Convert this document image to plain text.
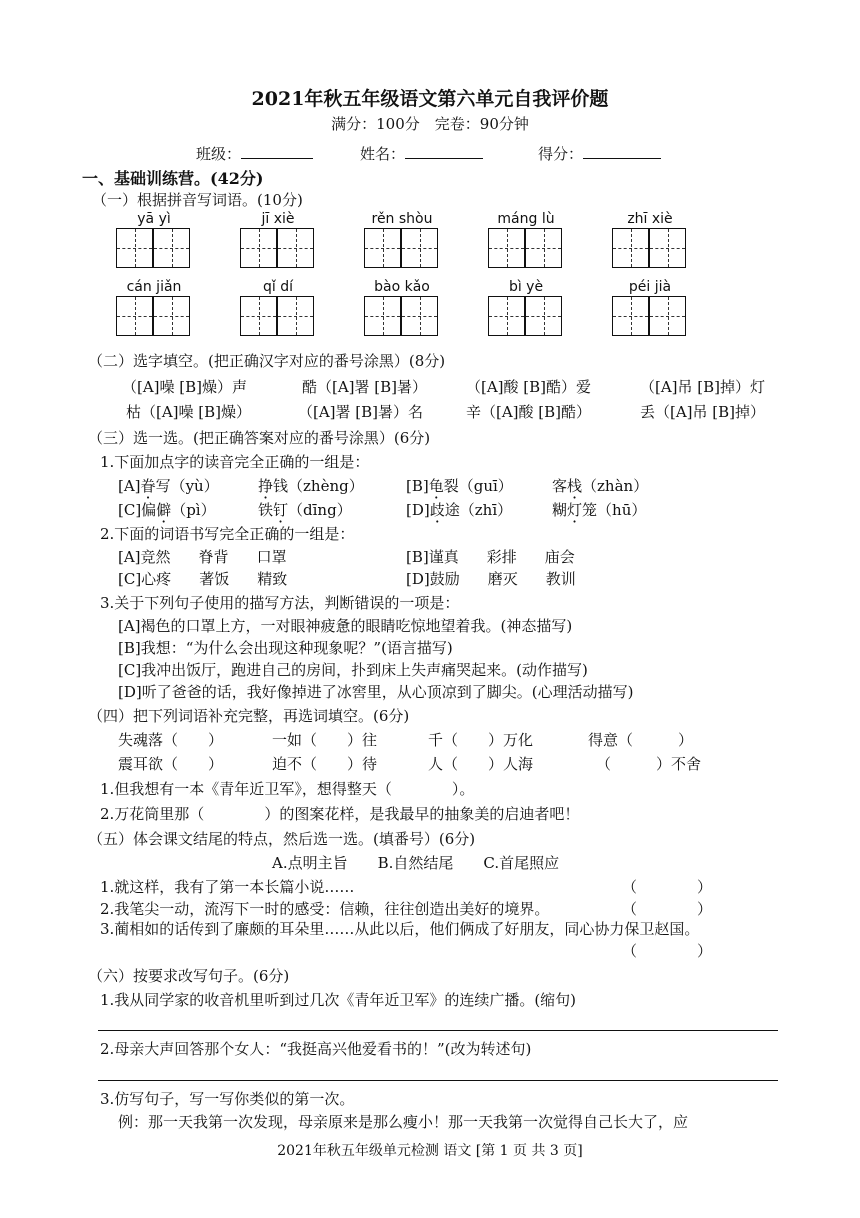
2021年秋五年级语文第六单元自我评价题
满分：100分　完卷：90分钟
班级：	姓名：	得分：
一、基础训练营。(42分)
（一）根据拼音写词语。(10分)
yā yì	jī xiè	rěn shòu	máng lù	zhī xiè
cán jiǎn	qǐ dí	bào kǎo	bì yè	péi jià
（二）选字填空。(把正确汉字对应的番号涂黑）(8分)
（[A]噪 [B]燥）声	酷（[A]署 [B]暑）	（[A]酸 [B]酷）爱	（[A]吊 [B]掉）灯
枯（[A]噪 [B]燥）	（[A]署 [B]暑）名	辛（[A]酸 [B]酷）	丢（[A]吊 [B]掉）
（三）选一选。(把正确答案对应的番号涂黑）(6分)
1.下面加点字的读音完全正确的一组是：
[A]眷写（yù）	挣钱（zhèng）	[B]龟裂（guī）	客栈（zhàn）
[C]偏僻（pì）	铁钉（dīng）	[D]歧途（zhī）	糊灯笼（hū）
2.下面的词语书写完全正确的一组是：
[A]竞然 脊背 口罩	[B]谨真 彩排 庙会
[C]心疼 著饭 精致	[D]鼓励 磨灭 教训
3.关于下列句子使用的描写方法，判断错误的一项是：
[A]褐色的口罩上方，一对眼神疲惫的眼睛吃惊地望着我。(神态描写)
[B]我想：“为什么会出现这种现象呢？”(语言描写)
[C]我冲出饭厅，跑进自己的房间，扑到床上失声痛哭起来。(动作描写)
[D]听了爸爸的话，我好像掉进了冰窖里，从心顶凉到了脚尖。(心理活动描写)
（四）把下列词语补充完整，再选词填空。(6分)
失魂落（　　）	一如（　　）往	千（　　）万化	得意（　　　）
震耳欲（　　）	迫不（　　）待	人（　　）人海	（　　　）不舍
1.但我想有一本《青年近卫军》，想得整天（　　　　）。
2.万花筒里那（　　　　）的图案花样，是我最早的抽象美的启迪者吧！
（五）体会课文结尾的特点，然后选一选。(填番号）(6分)
A.点明主旨　　B.自然结尾　　C.首尾照应
1.就这样，我有了第一本长篇小说……	（　　　　）
2.我笔尖一动，流泻下一时的感受：信赖，往往创造出美好的境界。	（　　　　）
3.蔺相如的话传到了廉颇的耳朵里……从此以后，他们俩成了好朋友，同心协力保卫赵国。
（　　　　）
（六）按要求改写句子。(6分)
1.我从同学家的收音机里听到过几次《青年近卫军》的连续广播。(缩句)
2.母亲大声回答那个女人：“我挺高兴他爱看书的！”(改为转述句)
3.仿写句子，写一写你类似的第一次。
例：那一天我第一次发现，母亲原来是那么瘦小！那一天我第一次觉得自己长大了，应
2021年秋五年级单元检测 语文 [第 1 页 共 3 页]
